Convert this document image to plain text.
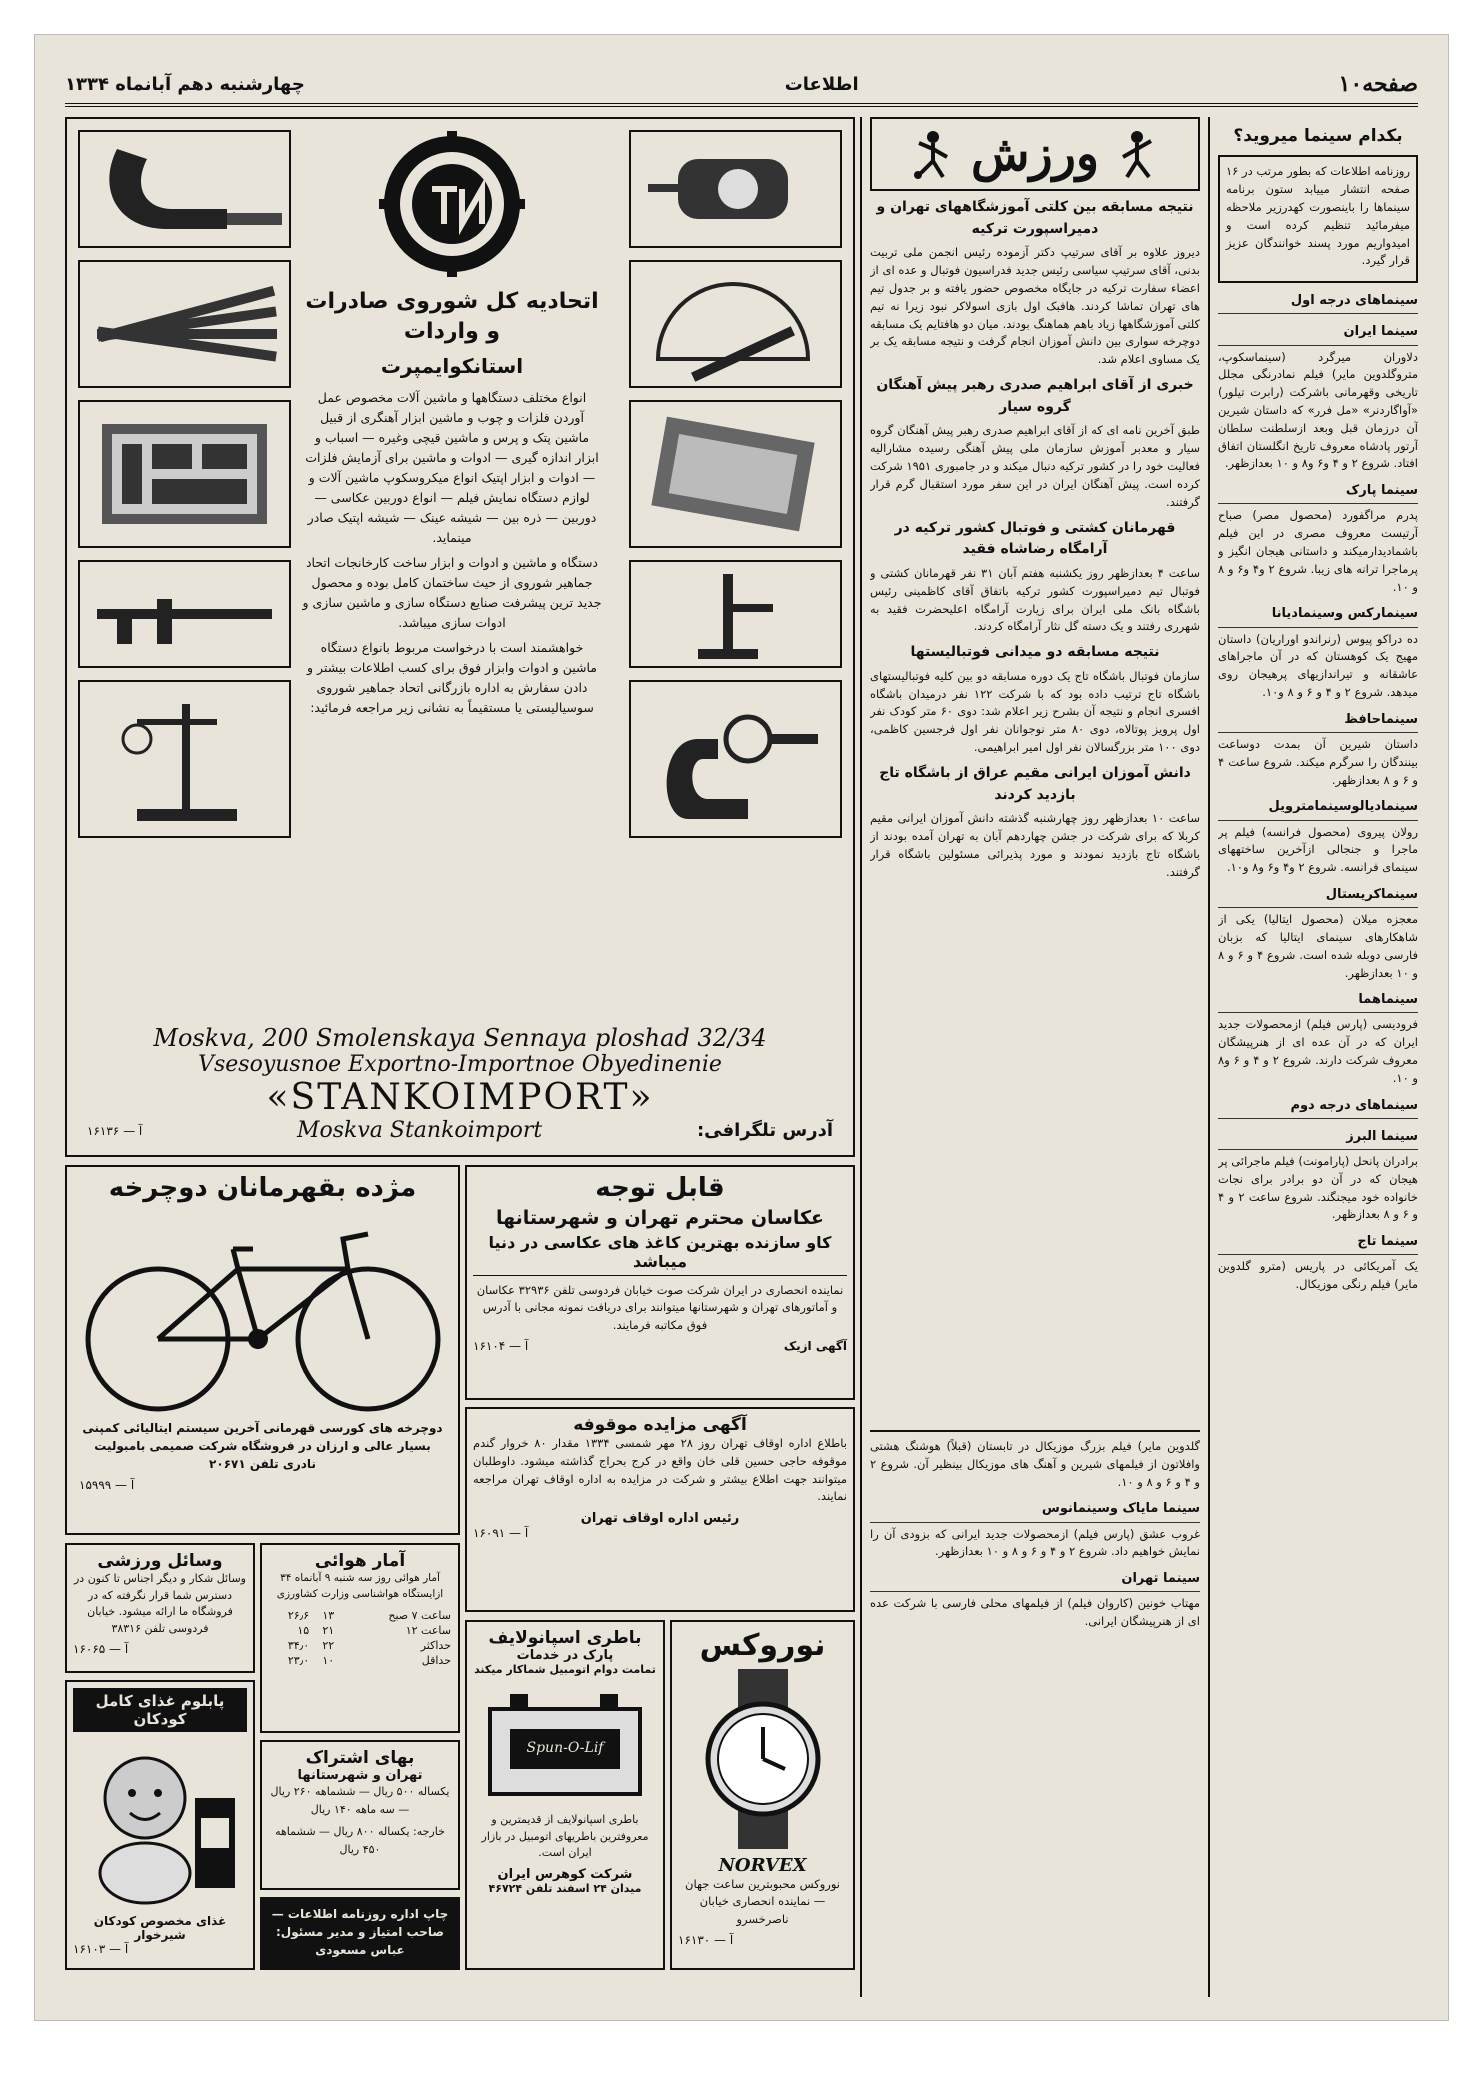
صفحه۱۰
اطلاعات
چهارشنبه دهم آبانماه ۱۳۳۴
بکدام سینما میروید؟

روزنامه اطلاعات که بطور مرتب در ۱۶ صفحه انتشار مییابد ستون برنامه سینماها را باینصورت کهدرزیر ملاحظه میفرمائید تنظیم کرده است و امیدواریم مورد پسند خوانندگان عزیز قرار گیرد.

سینماهای درجه اول
سینما ایران

دلاوران میرگرد (سینماسکوپ، متروگلدوین مایر) فیلم نمادرنگی مجلل تاریخی وقهرمانی باشرکت (رابرت تیلور) «آواگاردنر» «مل فرر» که داستان شیرین آن درزمان قبل وبعد ازسلطنت سلطان آرتور پادشاه معروف تاریخ انگلستان اتفاق افتاد. شروع ۲ و ۴ و۶ و۸ و ۱۰ بعدازظهر.

سینما پارک

پدرم مراگفورد (محصول مصر) صباح آرتیست معروف مصری در این فیلم باشمادیدارمیکند و داستانی هیجان انگیز و پرماجرا ترانه های زیبا. شروع ۲ و۴ و۶ و ۸ و ۱۰.

سینمارکس وسینمادیانا

ده دراکو پیوس (رنراندو اوراریان) داستان مهیج یک کوهستان که در آن ماجراهای عاشقانه و تیراندازیهای پرهیجان روی میدهد. شروع ۲ و ۴ و ۶ و ۸ و۱۰.

سینماحافظ

داستان شیرین آن بمدت دوساعت بینندگان را سرگرم میکند. شروع ساعت ۴ و ۶ و ۸ بعدازظهر.

سینمادیالوسینمامترویل

رولان پیروی (محصول فرانسه) فیلم پر ماجرا و جنجالی ازآخرین ساختههای سینمای فرانسه. شروع ۲ و۴ و۶ و۸ و۱۰.

سینماکریستال

معجزه میلان (محصول ایتالیا) یکی از شاهکارهای سینمای ایتالیا که بزبان فارسی دوبله شده است. شروع ۴ و ۶ و ۸ و ۱۰ بعدازظهر.

سینماهما

فرودیسی (پارس فیلم) ازمحصولات جدید ایران که در آن عده ای از هنرپیشگان معروف شرکت دارند. شروع ۲ و ۴ و ۶ و۸ و ۱۰.

سینماهای درجه دوم
سینما البرز

برادران پانحل (پارامونت) فیلم ماجرائی پر هیجان که در آن دو برادر برای نجات خانواده خود میجنگند. شروع ساعت ۲ و ۴ و ۶ و ۸ بعدازظهر.

سینما تاج

یک آمریکائی در پاریس (مترو گلدوین مایر) فیلم رنگی موزیکال.

ورزش
نتیجه مسابقه بین کلتی آموزشگاههای تهران و دمیراسپورت ترکیه

دیروز علاوه بر آقای سرتیپ دکتر آزموده رئیس انجمن ملی تربیت بدنی، آقای سرتیپ سیاسی رئیس جدید فدراسیون فوتبال و عده ای از اعضاء سفارت ترکیه در جایگاه مخصوص حضور یافته و بر جدول تیم های تهران تماشا کردند. هافبک اول بازی اسولاکر نبود زیرا نه تیم کلتی آموزشگاهها زیاد باهم هماهنگ بودند. میان دو هافتایم یک مسابقه دوچرخه سواری بین دانش آموزان انجام گرفت و نتیجه مسابقه یک بر یک مساوی اعلام شد.

خبری از آقای ابراهیم صدری رهبر پیش آهنگان گروه سیار

طبق آخرین نامه ای که از آقای ابراهیم صدری رهبر پیش آهنگان گروه سیار و معدبر آموزش سازمان ملی پیش آهنگی رسیده مشارالیه فعالیت خود را در کشور ترکیه دنبال میکند و در جامبوری ۱۹۵۱ شرکت کرده است. پیش آهنگان ایران در این سفر مورد استقبال گرم قرار گرفتند.

قهرمانان کشتی و فوتبال کشور ترکیه در آرامگاه رضاشاه فقید

ساعت ۴ بعدازظهر روز یکشنبه هفتم آبان ۳۱ نفر قهرمانان کشتی و فوتبال تیم دمیراسپورت کشور ترکیه باتفاق آقای کاظمینی رئیس باشگاه بانک ملی ایران برای زیارت آرامگاه اعلیحضرت فقید به شهرری رفتند و یک دسته گل نثار آرامگاه کردند.

نتیجه مسابقه دو میدانی فوتبالیستها

سازمان فوتبال باشگاه تاج یک دوره مسابقه دو بین کلیه فوتبالیستهای باشگاه تاج ترتیب داده بود که با شرکت ۱۲۲ نفر درمیدان باشگاه افسری انجام و نتیجه آن بشرح زیر اعلام شد: دوی ۶۰ متر کودک نفر اول پرویز پوتالاه، دوی ۸۰ متر نوجوانان نفر اول فرجسین کاظمی، دوی ۱۰۰ متر بزرگسالان نفر اول امیر ابراهیمی.

دانش آموزان ایرانی مقیم عراق از باشگاه تاج بازدید کردند

ساعت ۱۰ بعدازظهر روز چهارشنبه گذشته دانش آموزان ایرانی مقیم کربلا که برای شرکت در جشن چهاردهم آبان به تهران آمده بودند از باشگاه تاج بازدید نمودند و مورد پذیرائی مسئولین باشگاه قرار گرفتند.

گلدوین مایر) فیلم بزرگ موزیکال در تابستان (قبلاً) هوشنگ هشتی وافلاتون از فیلمهای شیرین و آهنگ های موزیکال بینظیر آن. شروع ۲ و ۴ و ۶ و ۸ و ۱۰.

سینما مایاک وسینمانوس

غروب عشق (پارس فیلم) ازمحصولات جدید ایرانی که بزودی آن را نمایش خواهیم داد. شروع ۲ و ۴ و ۶ و ۸ و ۱۰ بعدازظهر.

سینما تهران

مهتاب خونین (کاروان فیلم) از فیلمهای محلی فارسی با شرکت عده ای از هنرپیشگان ایرانی.

اتحادیه کل شوروی صادرات و واردات
استانکوایمپرت

انواع مختلف دستگاهها و ماشین آلات مخصوص عمل آوردن فلزات و چوب و ماشین ابزار آهنگری از قبیل ماشین پتک و پرس و ماشین قیچی وغیره — اسباب و ابزار اندازه گیری — ادوات و ماشین برای آزمایش فلزات — ادوات و ابزار اپتیک انواع میکروسکوپ ماشین آلات و لوازم دستگاه نمایش فیلم — انواع دوربین عکاسی — دوربین — ذره بین — شیشه عینک — شیشه اپتیک صادر مینماید.

دستگاه و ماشین و ادوات و ابزار ساخت کارخانجات اتحاد جماهیر شوروی از حیث ساختمان کامل بوده و محصول جدید ترین پیشرفت صنایع دستگاه سازی و ماشین سازی و ادوات سازی میباشد.

خواهشمند است با درخواست مربوط بانواع دستگاه ماشین و ادوات وابزار فوق برای کسب اطلاعات بیشتر و دادن سفارش به اداره بازرگانی اتحاد جماهیر شوروی سوسیالیستی یا مستقیماً به نشانی زیر مراجعه فرمائید:

Moskva, 200 Smolenskaya Sennaya ploshad 32/34
Vsesoyusnoe Exportno-Importnoe Obyedinenie
«STANKOIMPORT»
آدرس تلگرافی:
Moskva Stankoimport
آ — ۱۶۱۳۶
مژده بقهرمانان دوچرخه

دوچرخه های کورسی قهرمانی آخرین سیستم ایتالیائی کمپنی بسیار عالی و ارزان در فروشگاه شرکت صمیمی بامبولیت نادری تلفن ۲۰۶۷۱

آ — ۱۵۹۹۹
قابل توجه
عکاسان محترم تهران و شهرستانها
کاو سازنده بهترین کاغذ های عکاسی در دنیا میباشد

نماینده انحصاری در ایران شرکت صوت خیابان فردوسی تلفن ۳۲۹۳۶ عکاسان و آماتورهای تهران و شهرستانها میتوانند برای دریافت نمونه مجانی با آدرس فوق مکاتبه فرمایند.

آگهی ازیک
آ — ۱۶۱۰۴
آگهی مزایده موقوفه

باطلاع اداره اوقاف تهران روز ۲۸ مهر شمسی ۱۳۳۴ مقدار ۸۰ خروار گندم موقوفه حاجی حسین قلی خان واقع در کرج بحراج گذاشته میشود. داوطلبان میتوانند جهت اطلاع بیشتر و شرکت در مزایده به اداره اوقاف تهران مراجعه نمایند.

رئیس اداره اوقاف تهران
آ — ۱۶۰۹۱
وسائل ورزشی

وسائل شکار و دیگر اجناس تا کنون در دسترس شما قرار نگرفته که در فروشگاه ما ارائه میشود. خیابان فردوسی تلفن ۳۸۳۱۶

آ — ۱۶۰۶۵
آمار هوائی

آمار هوائی روز سه شنبه ۹ آبانماه ۳۴ ازایستگاه هواشناسی وزارت کشاورزی

ساعت ۷ صبح	۱۳	۲۶٫۶
ساعت ۱۲	۲۱	۱۵
حداکثر	۲۲	۳۴٫۰
حداقل	۱۰	۲۳٫۰
پابلوم غذای کامل کودکان
غذای مخصوص کودکان شیرخوار
آ — ۱۶۱۰۳
بهای اشتراک
تهران و شهرستانها

یکساله ۵۰۰ ریال — ششماهه ۲۶۰ ریال — سه ماهه ۱۴۰ ریال

خارجه: یکساله ۸۰۰ ریال — ششماهه ۴۵۰ ریال

چاپ اداره روزنامه اطلاعات — صاحب امتیاز و مدیر مسئول: عباس مسعودی

باطری اسپانولایف
پارک در خدمات
تمامت دوام اتومبیل شماکار میکند
Spun-O-Lif

باطری اسپانولایف از قدیمترین و معروفترین باطریهای اتومبیل در بازار ایران است.

شرکت کوهرس ایران
میدان ۲۴ اسفند تلفن ۴۶۷۲۴
نوروکس
NORVEX

نوروکس محبوبترین ساعت جهان — نماینده انحصاری خیابان ناصرخسرو

آ — ۱۶۱۳۰
